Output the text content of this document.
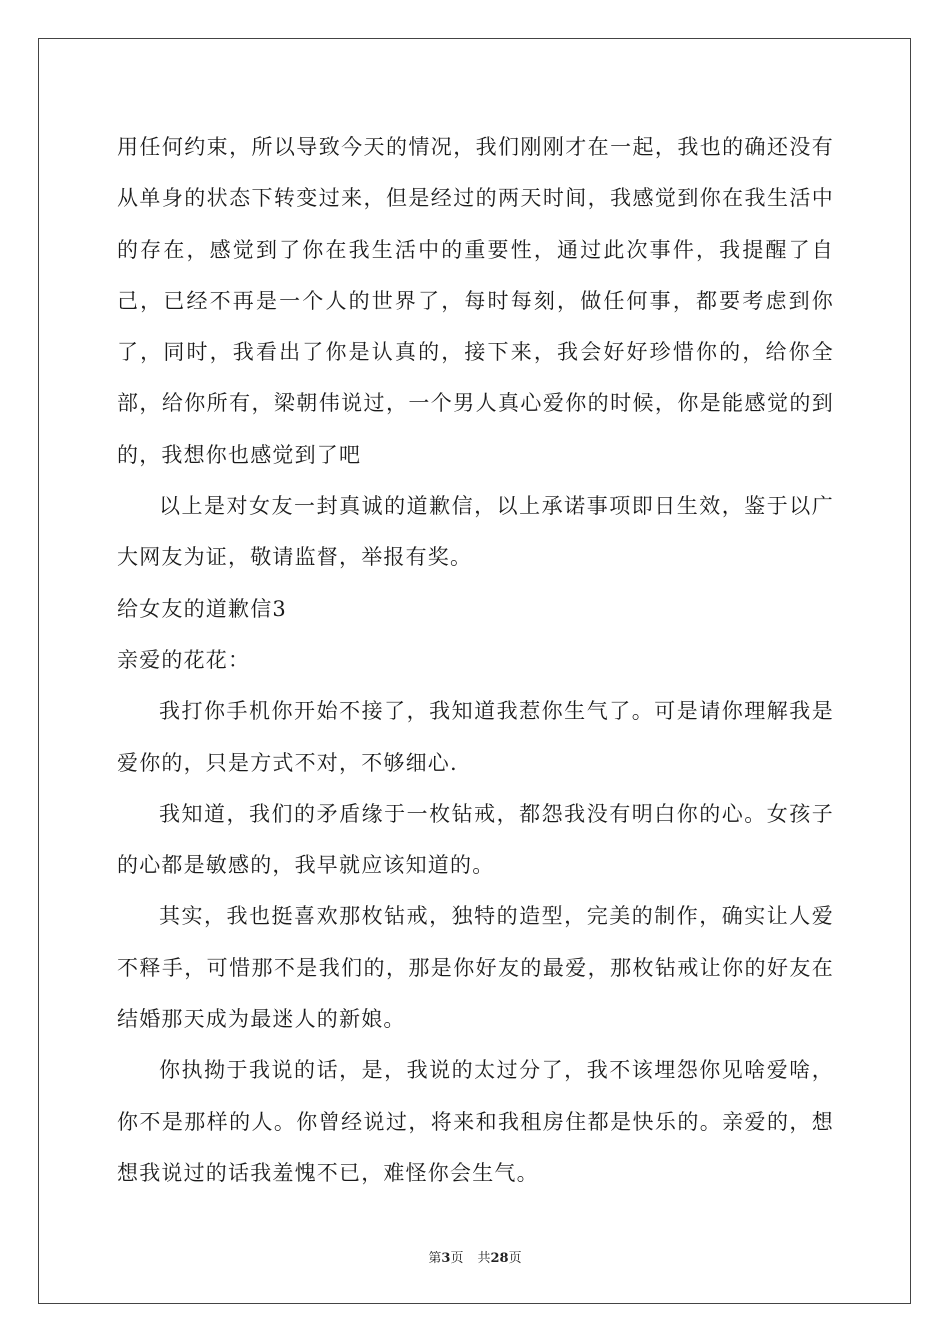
用任何约束，所以导致今天的情况，我们刚刚才在一起，我也的确还没有从单身的状态下转变过来，但是经过的两天时间，我感觉到你在我生活中的存在，感觉到了你在我生活中的重要性，通过此次事件，我提醒了自己，已经不再是一个人的世界了，每时每刻，做任何事，都要考虑到你了，同时，我看出了你是认真的，接下来，我会好好珍惜你的，给你全部，给你所有，梁朝伟说过，一个男人真心爱你的时候，你是能感觉的到的，我想你也感觉到了吧

以上是对女友一封真诚的道歉信，以上承诺事项即日生效，鉴于以广大网友为证，敬请监督，举报有奖。

给女友的道歉信3

亲爱的花花：

我打你手机你开始不接了，我知道我惹你生气了。可是请你理解我是爱你的，只是方式不对，不够细心.

我知道，我们的矛盾缘于一枚钻戒，都怨我没有明白你的心。女孩子的心都是敏感的，我早就应该知道的。

其实，我也挺喜欢那枚钻戒，独特的造型，完美的制作，确实让人爱不释手，可惜那不是我们的，那是你好友的最爱，那枚钻戒让你的好友在结婚那天成为最迷人的新娘。

你执拗于我说的话，是，我说的太过分了，我不该埋怨你见啥爱啥，你不是那样的人。你曾经说过，将来和我租房住都是快乐的。亲爱的，想想我说过的话我羞愧不已，难怪你会生气。

第3页 共28页
